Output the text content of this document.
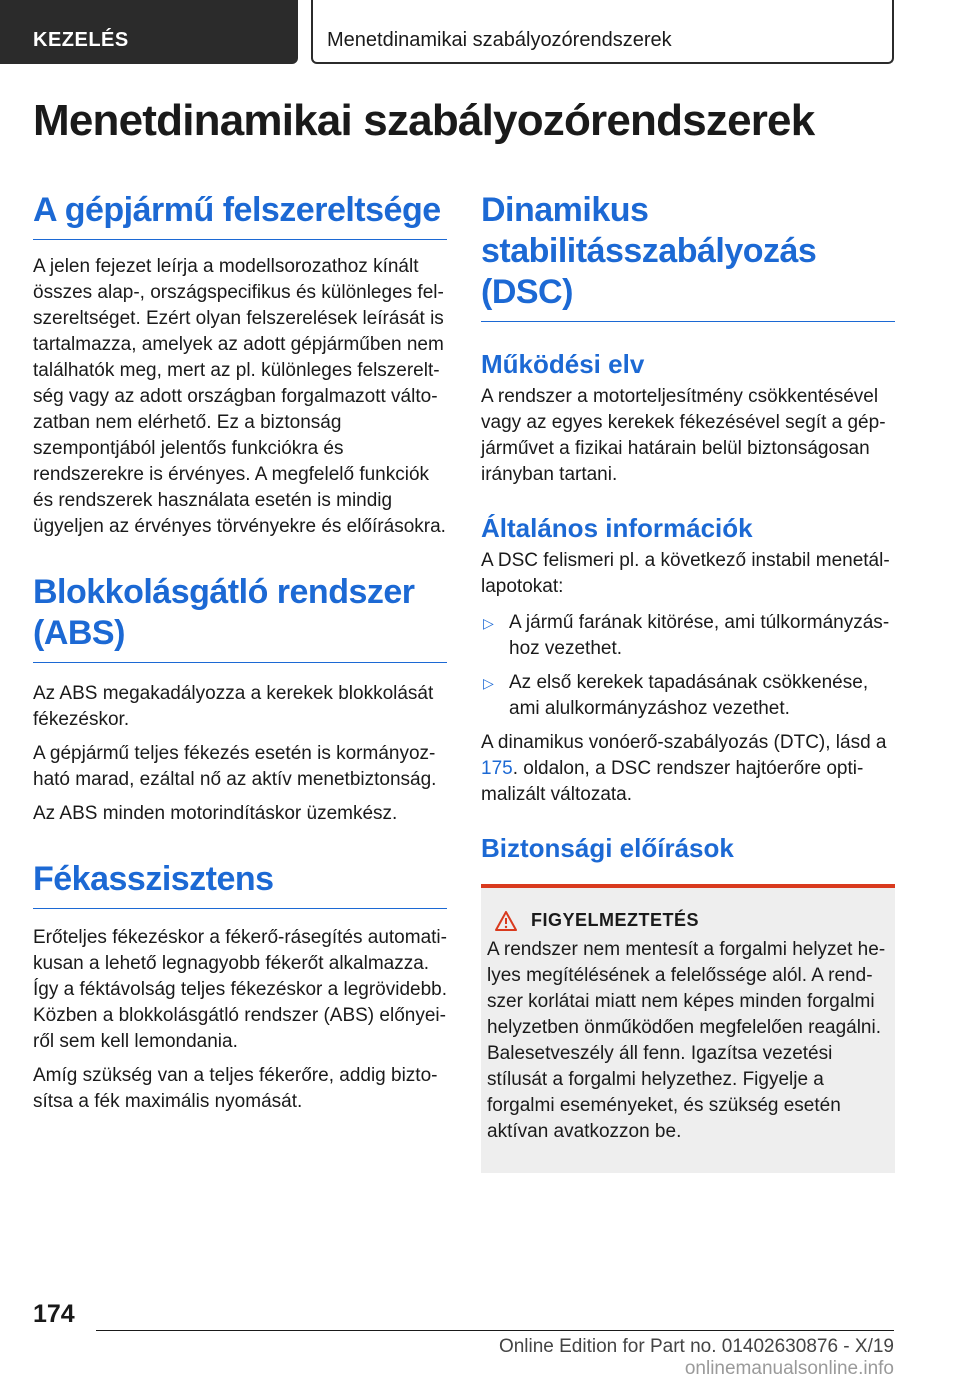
KEZELÉS	Menetdinamikai szabályozórendszerek
Menetdinamikai szabályozórendszerek
A gépjármű felszereltsége

A jelen fejezet leírja a modellsorozathoz kínált összes alap-, országspecifikus és különleges felszereltséget. Ezért olyan felszerelések leírását is tartalmazza, amelyek az adott gépjárműben nem találhatók meg, mert az pl. különleges felszereltség vagy az adott országban forgalmazott változatban nem elérhető. Ez a biztonság szempontjából jelentős funkciókra és rendszerekre is érvényes. A megfelelő funkciók és rendszerek használata esetén is mindig ügyeljen az érvényes törvényekre és előírásokra.

Blokkolásgátló rendszer (ABS)

Az ABS megakadályozza a kerekek blokkolását fékezéskor.

A gépjármű teljes fékezés esetén is kormányozható marad, ezáltal nő az aktív menetbiztonság.

Az ABS minden motorindításkor üzemkész.

Fékasszisztens

Erőteljes fékezéskor a fékerő-rásegítés automatikusan a lehető legnagyobb fékerőt alkalmazza. Így a féktávolság teljes fékezéskor a legrövidebb. Közben a blokkolásgátló rendszer (ABS) előnyeiről sem kell lemondania.

Amíg szükség van a teljes fékerőre, addig biztosítsa a fék maximális nyomását.

Dinamikus stabilitásszabályozás (DSC)
Működési elv

A rendszer a motorteljesítmény csökkentésével vagy az egyes kerekek fékezésével segít a gépjárművet a fizikai határain belül biztonságosan irányban tartani.

Általános információk

A DSC felismeri pl. a következő instabil menetállapotokat:

▷ A jármű farának kitörése, ami túlkormányzáshoz vezethet.
▷ Az első kerekek tapadásának csökkenése, ami alulkormányzáshoz vezethet.

A dinamikus vonóerő-szabályozás (DTC), lásd a 175. oldalon, a DSC rendszer hajtóerőre optimalizált változata.

Biztonsági előírások
FIGYELMEZTETÉS

A rendszer nem mentesít a forgalmi helyzet helyes megítélésének a felelőssége alól. A rendszer korlátai miatt nem képes minden forgalmi helyzetben önműködően megfelelően reagálni. Balesetveszély áll fenn. Igazítsa vezetési stílusát a forgalmi helyzethez. Figyelje a forgalmi eseményeket, és szükség esetén aktívan avatkozzon be.

174
Online Edition for Part no. 01402630876 - X/19 onlinemanualsonline.info
